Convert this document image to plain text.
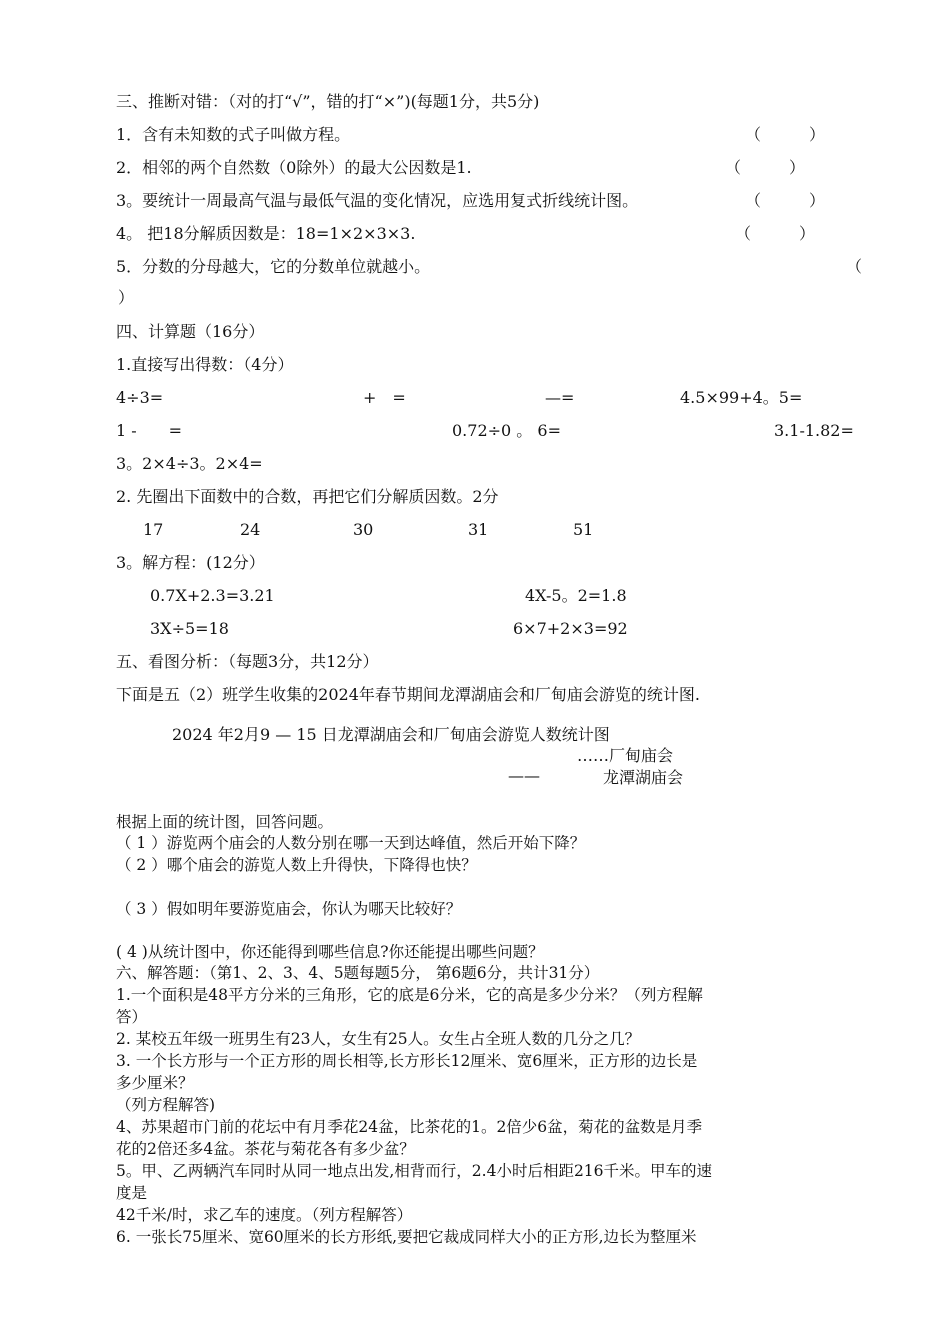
三、推断对错：（对的打“√”，错的打“×”)(每题1分，共5分)
1．含有未知数的式子叫做方程。	（　　　）
2．相邻的两个自然数（0除外）的最大公因数是1.	（　　　）
3。要统计一周最高气温与最低气温的变化情况，应选用复式折线统计图。	（　　　）
4。 把18分解质因数是：18=1×2×3×3.	（　　　）
5．分数的分母越大，它的分数单位就越小。	（
）
四、计算题（16分）
1.直接写出得数：（4分）
4÷3=	+　=	—=	4.5×99+4。5=
1 -　　=	0.72÷0 。 6=	3.1-1.82=
3。2×4÷3。2×4=
2. 先圈出下面数中的合数，再把它们分解质因数。2分
17	24	30	31	51
3。解方程：(12分）
0.7X+2.3=3.21	4X-5。2=1.8
3X÷5=18	6×7+2×3=92
五、看图分析：（每题3分，共12分）
下面是五（2）班学生收集的2024年春节期间龙潭湖庙会和厂甸庙会游览的统计图.
2024 年2月9 — 15 日龙潭湖庙会和厂甸庙会游览人数统计图
……厂甸庙会
——	龙潭湖庙会
根据上面的统计图，回答问题。
（ 1 ）游览两个庙会的人数分别在哪一天到达峰值，然后开始下降？
（ 2 ）哪个庙会的游览人数上升得快，下降得也快？
（ 3 ）假如明年要游览庙会，你认为哪天比较好？
( 4 )从统计图中，你还能得到哪些信息?你还能提出哪些问题？
六、解答题：（第1、2、3、4、5题每题5分， 第6题6分，共计31分）
1.一个面积是48平方分米的三角形，它的底是6分米，它的高是多少分米？（列方程解
答）
2. 某校五年级一班男生有23人，女生有25人。女生占全班人数的几分之几？
3. 一个长方形与一个正方形的周长相等,长方形长12厘米、宽6厘米，正方形的边长是
多少厘米？
（列方程解答)
4、苏果超市门前的花坛中有月季花24盆，比茶花的1。2倍少6盆，菊花的盆数是月季
花的2倍还多4盆。茶花与菊花各有多少盆？
5。甲、乙两辆汽车同时从同一地点出发,相背而行，2.4小时后相距216千米。甲车的速
度是
42千米/时，求乙车的速度。（列方程解答）
6. 一张长75厘米、宽60厘米的长方形纸,要把它裁成同样大小的正方形,边长为整厘米
